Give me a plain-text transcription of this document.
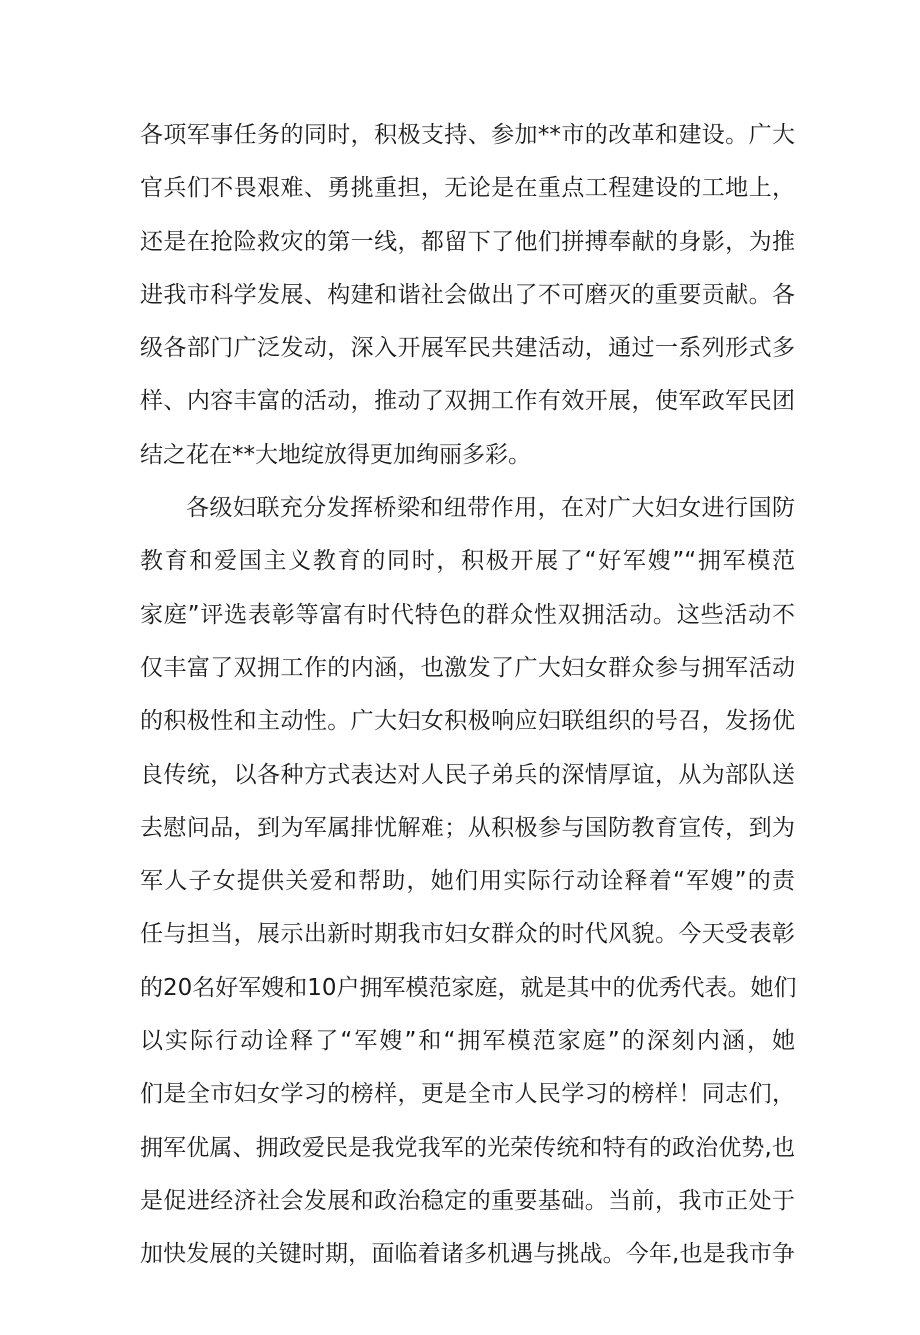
各项军事任务的同时，积极支持、参加**市的改革和建设。广大
官兵们不畏艰难、勇挑重担，无论是在重点工程建设的工地上，
还是在抢险救灾的第一线，都留下了他们拼搏奉献的身影，为推
进我市科学发展、构建和谐社会做出了不可磨灭的重要贡献。各
级各部门广泛发动，深入开展军民共建活动，通过一系列形式多
样、内容丰富的活动，推动了双拥工作有效开展，使军政军民团
结之花在**大地绽放得更加绚丽多彩。
各级妇联充分发挥桥梁和纽带作用，在对广大妇女进行国防
教育和爱国主义教育的同时，积极开展了“好军嫂”“拥军模范
家庭”评选表彰等富有时代特色的群众性双拥活动。这些活动不
仅丰富了双拥工作的内涵，也激发了广大妇女群众参与拥军活动
的积极性和主动性。广大妇女积极响应妇联组织的号召，发扬优
良传统，以各种方式表达对人民子弟兵的深情厚谊，从为部队送
去慰问品，到为军属排忧解难；从积极参与国防教育宣传，到为
军人子女提供关爱和帮助，她们用实际行动诠释着“军嫂”的责
任与担当，展示出新时期我市妇女群众的时代风貌。今天受表彰
的20名好军嫂和10户拥军模范家庭，就是其中的优秀代表。她们
以实际行动诠释了“军嫂”和“拥军模范家庭”的深刻内涵，她
们是全市妇女学习的榜样，更是全市人民学习的榜样！同志们，
拥军优属、拥政爱民是我党我军的光荣传统和特有的政治优势,也
是促进经济社会发展和政治稳定的重要基础。当前，我市正处于
加快发展的关键时期，面临着诸多机遇与挑战。今年,也是我市争
